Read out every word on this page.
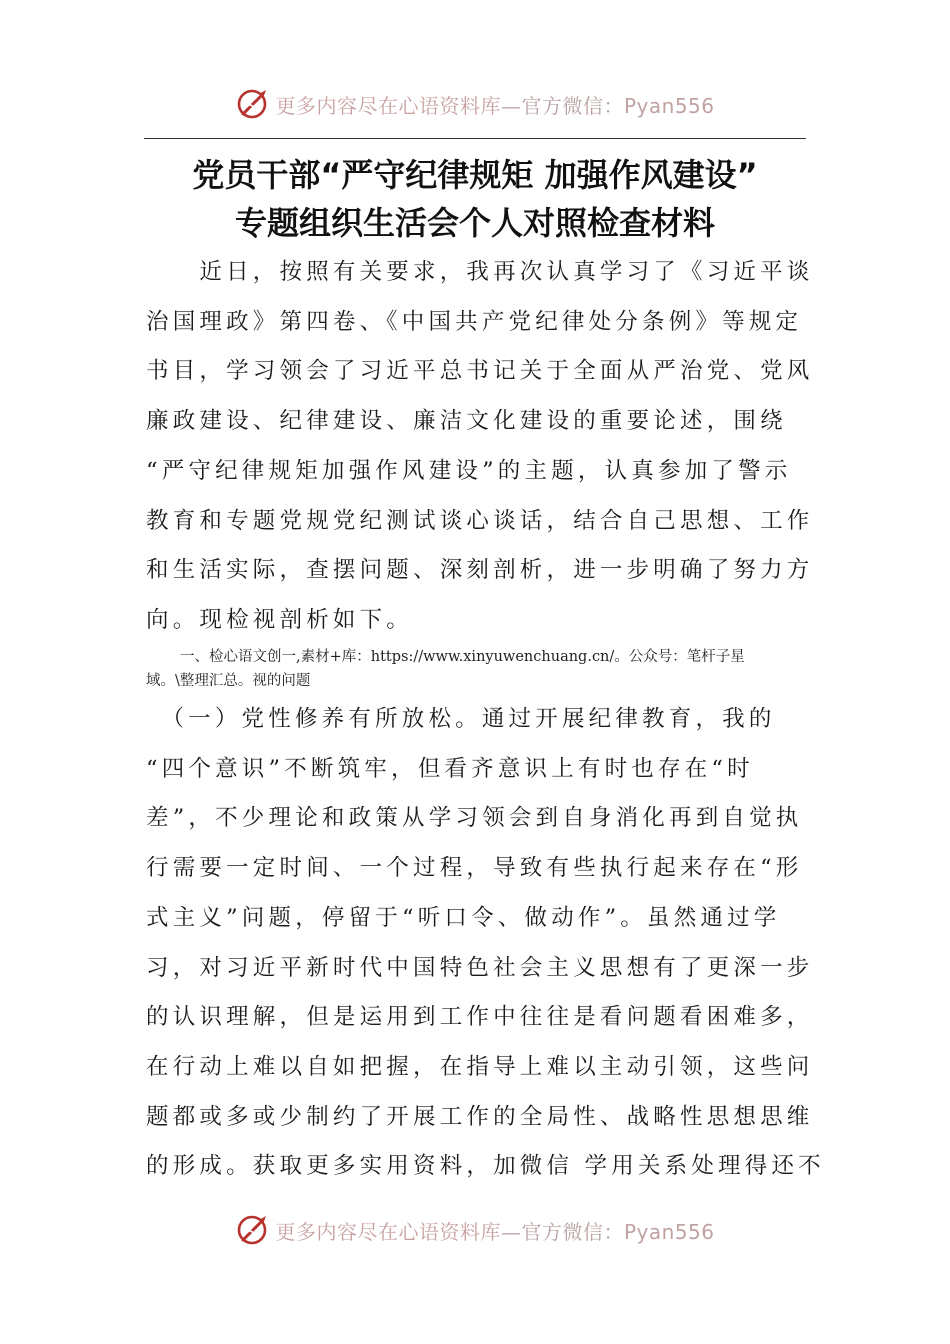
更多内容尽在心语资料库—官方微信：Pyan556
党员干部“严守纪律规矩 加强作风建设”
专题组织生活会个人对照检查材料
　　近日，按照有关要求，我再次认真学习了《习近平谈
治国理政》第四卷、《中国共产党纪律处分条例》等规定
书目，学习领会了习近平总书记关于全面从严治党、党风
廉政建设、纪律建设、廉洁文化建设的重要论述，围绕
“严守纪律规矩加强作风建设”的主题，认真参加了警示
教育和专题党规党纪测试谈心谈话，结合自己思想、工作
和生活实际，查摆问题、深刻剖析，进一步明确了努力方
向。现检视剖析如下。
一、检心语文创一,素材+库：https://www.xinyuwenchuang.cn/。公众号：笔杆子星
域。\整理汇总。视的问题
　（一）党性修养有所放松。通过开展纪律教育，我的
“四个意识”不断筑牢，但看齐意识上有时也存在“时
差”，不少理论和政策从学习领会到自身消化再到自觉执
行需要一定时间、一个过程，导致有些执行起来存在“形
式主义”问题，停留于“听口令、做动作”。虽然通过学
习，对习近平新时代中国特色社会主义思想有了更深一步
的认识理解，但是运用到工作中往往是看问题看困难多，
在行动上难以自如把握，在指导上难以主动引领，这些问
题都或多或少制约了开展工作的全局性、战略性思想思维
的形成。获取更多实用资料，加微信 学用关系处理得还不
更多内容尽在心语资料库—官方微信：Pyan556
